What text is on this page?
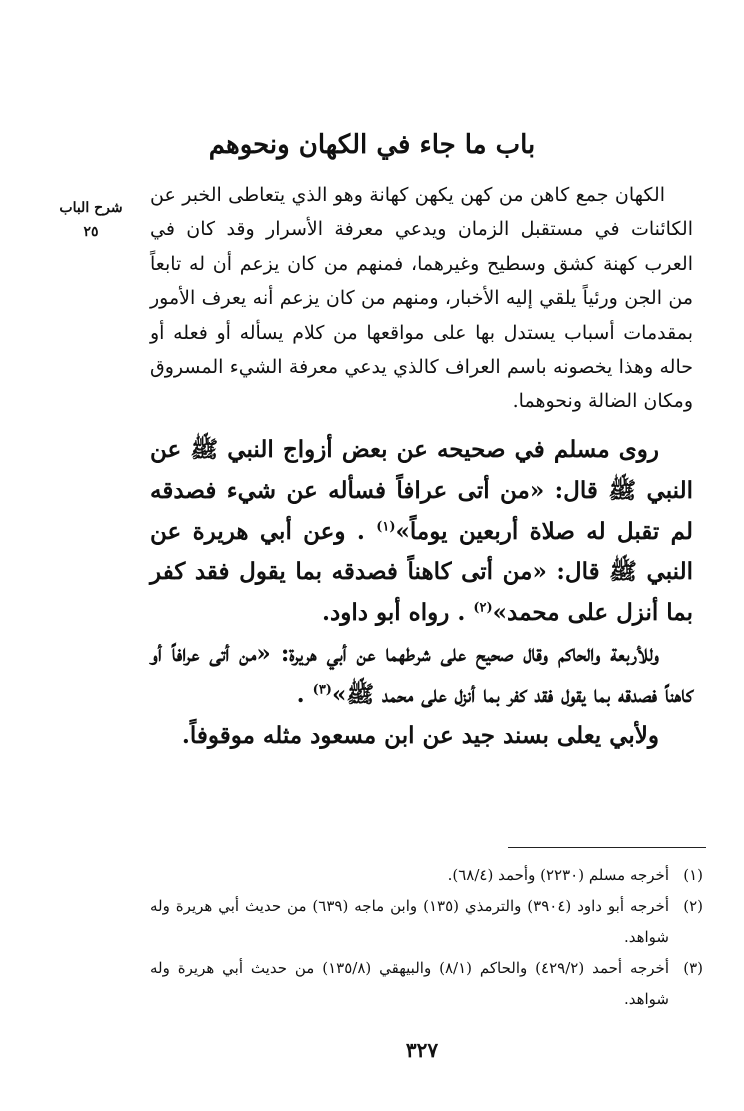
باب ما جاء في الكهان ونحوهم
شرح الباب
٢٥
الكهان جمع كاهن من كهن يكهن كهانة وهو الذي يتعاطى الخبر عن الكائنات في مستقبل الزمان ويدعي معرفة الأسرار وقد كان في العرب كهنة كشق وسطيح وغيرهما، فمنهم من كان يزعم أن له تابعاً من الجن ورئياً يلقي إليه الأخبار، ومنهم من كان يزعم أنه يعرف الأمور بمقدمات أسباب يستدل بها على مواقعها من كلام يسأله أو فعله أو حاله وهذا يخصونه باسم العراف كالذي يدعي معرفة الشيء المسروق ومكان الضالة ونحوهما.

روى مسلم في صحيحه عن بعض أزواج النبي ﷺ عن النبي ﷺ قال: «من أتى عرافاً فسأله عن شيء فصدقه لم تقبل له صلاة أربعين يوماً»$^{(١)}$ . وعن أبي هريرة عن النبي ﷺ قال: «من أتى كاهناً فصدقه بما يقول فقد كفر بما أنزل على محمد»$^{(٢)}$ . رواه أبو داود.

وللأربعة والحاكم وقال صحيح على شرطهما عن أبي هريرة: «من أتى عرافاً أو كاهناً فصدقه بما يقول فقد كفر بما أنزل على محمد ﷺ»$^{(٣)}$ .

ولأبي يعلى بسند جيد عن ابن مسعود مثله موقوفاً.

(١)
أخرجه مسلم (٢٢٣٠) وأحمد (٦٨/٤).
(٢)
أخرجه أبو داود (٣٩٠٤) والترمذي (١٣٥) وابن ماجه (٦٣٩) من حديث أبي هريرة وله شواهد.
(٣)
أخرجه أحمد (٤٢٩/٢) والحاكم (٨/١) والبيهقي (١٣٥/٨) من حديث أبي هريرة وله شواهد.
٣٢٧
